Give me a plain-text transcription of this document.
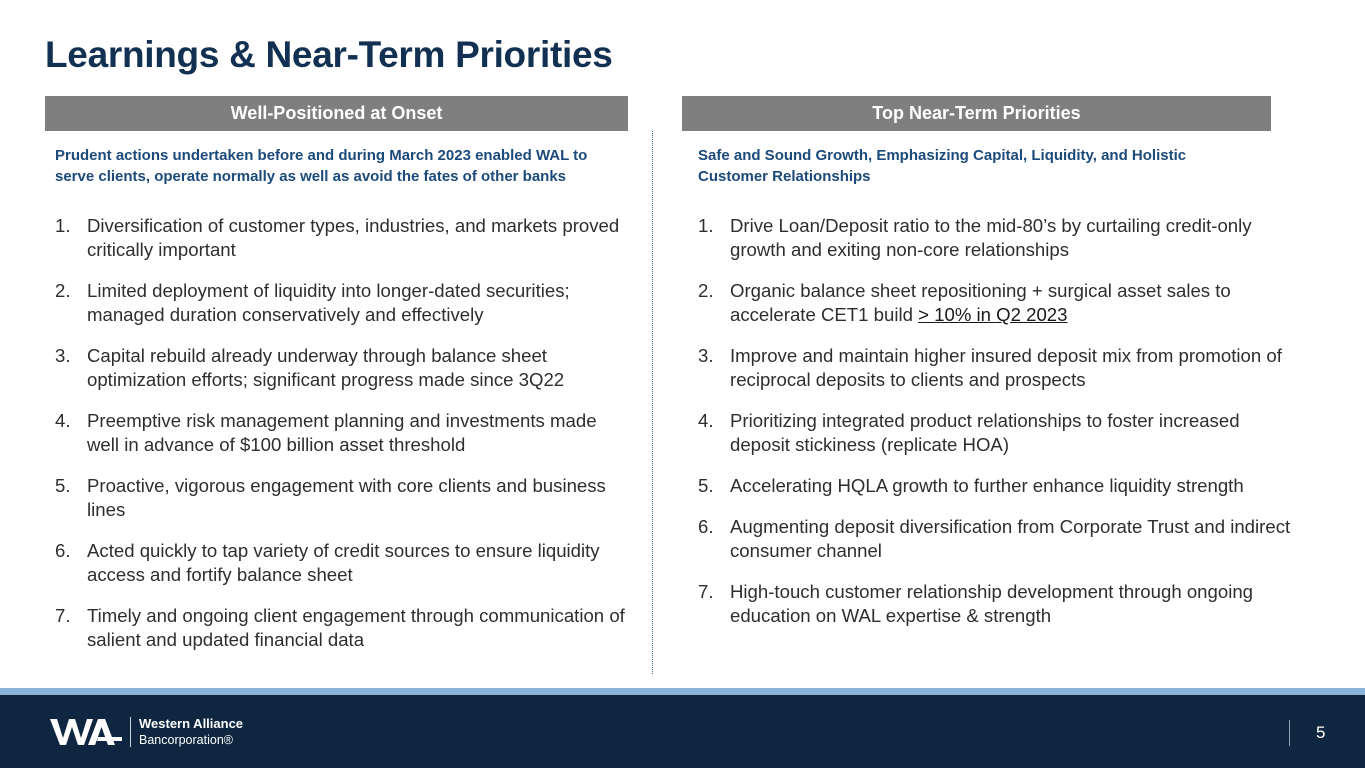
Learnings & Near-Term Priorities
Well-Positioned at Onset	Top Near-Term Priorities
Prudent actions undertaken before and during March 2023 enabled WAL to serve clients, operate normally as well as avoid the fates of other banks
Safe and Sound Growth, Emphasizing Capital, Liquidity, and Holistic Customer Relationships
1. Diversification of customer types, industries, and markets proved critically important
2. Limited deployment of liquidity into longer-dated securities; managed duration conservatively and effectively
3. Capital rebuild already underway through balance sheet optimization efforts; significant progress made since 3Q22
4. Preemptive risk management planning and investments made well in advance of $100 billion asset threshold
5. Proactive, vigorous engagement with core clients and business lines
6. Acted quickly to tap variety of credit sources to ensure liquidity access and fortify balance sheet
7. Timely and ongoing client engagement through communication of salient and updated financial data
1. Drive Loan/Deposit ratio to the mid-80’s by curtailing credit-only growth and exiting non-core relationships
2. Organic balance sheet repositioning + surgical asset sales to accelerate CET1 build > 10% in Q2 2023
3. Improve and maintain higher insured deposit mix from promotion of reciprocal deposits to clients and prospects
4. Prioritizing integrated product relationships to foster increased deposit stickiness (replicate HOA)
5. Accelerating HQLA growth to further enhance liquidity strength
6. Augmenting deposit diversification from Corporate Trust and indirect consumer channel
7. High-touch customer relationship development through ongoing education on WAL expertise & strength
Western Alliance
Bancorporation®	5
